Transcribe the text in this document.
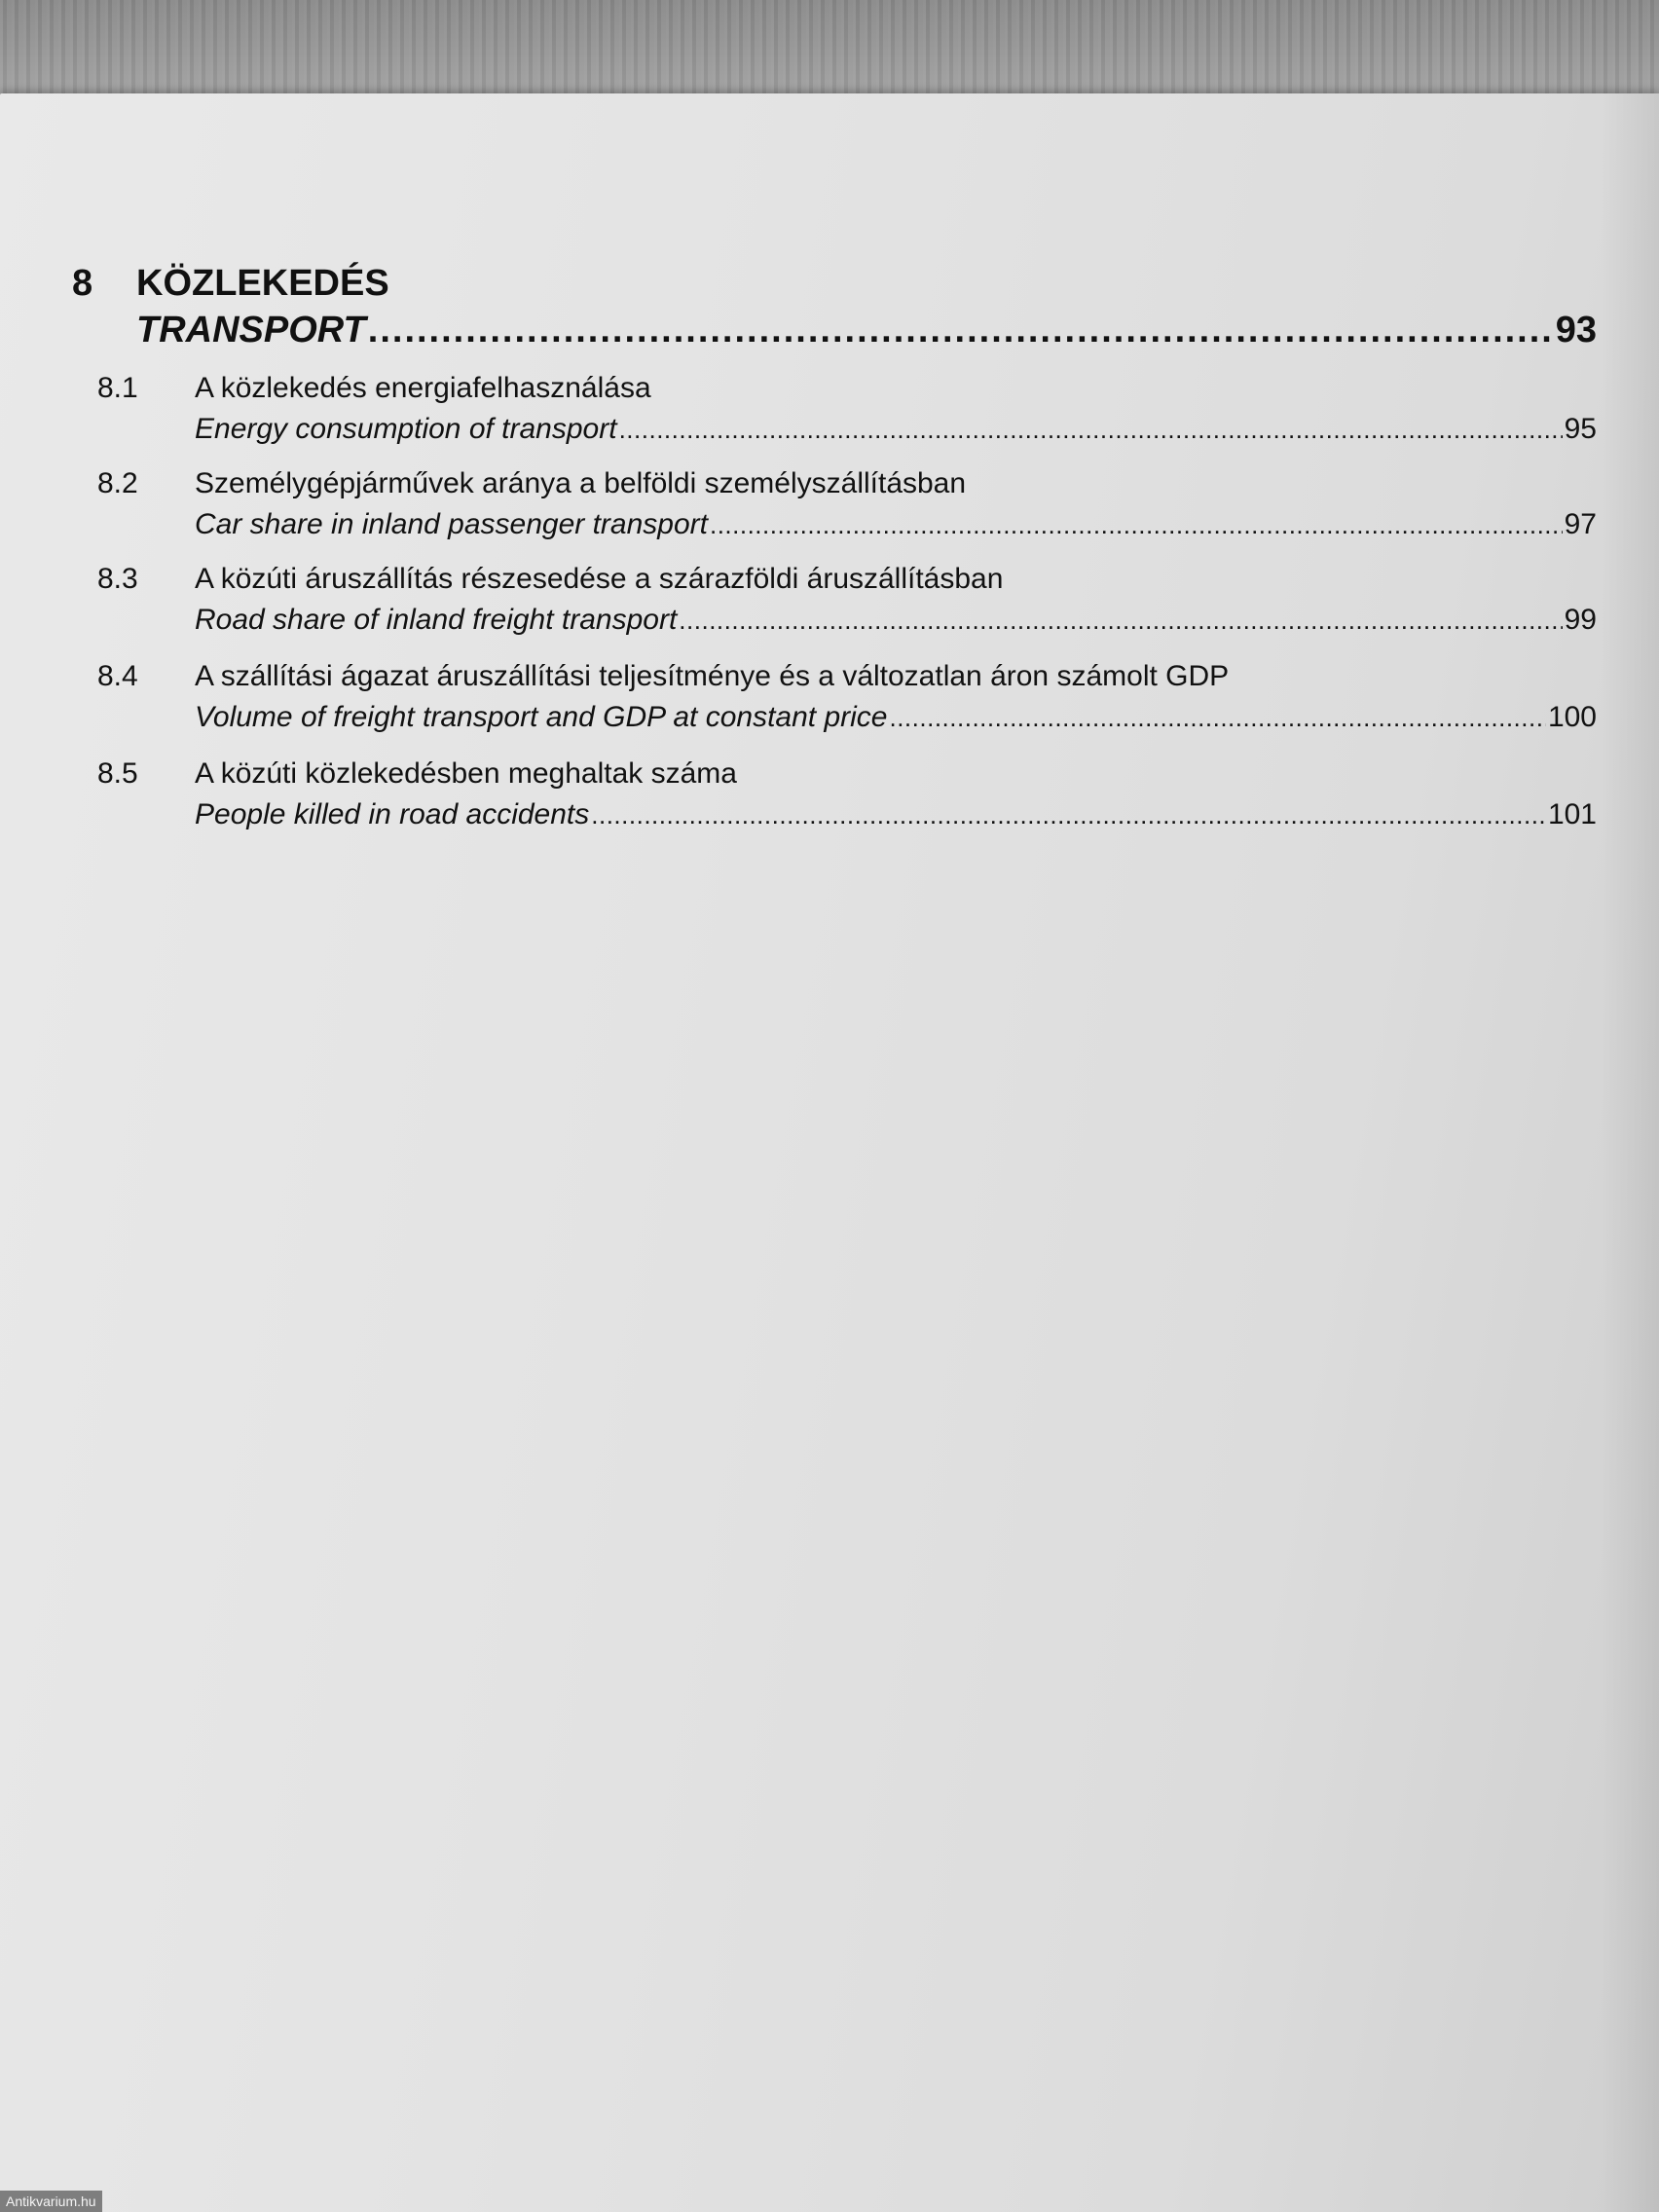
8 KÖZLEKEDÉS
TRANSPORT .....	93
8.1 A közlekedés energiafelhasználása
Energy consumption of transport .....	95
8.2 Személygépjárművek aránya a belföldi személyszállításban
Car share in inland passenger transport .....	97
8.3 A közúti áruszállítás részesedése a szárazföldi áruszállításban
Road share of inland freight transport .....	99
8.4 A szállítási ágazat áruszállítási teljesítménye és a változatlan áron számolt GDP
Volume of freight transport and GDP at constant price .....	100
8.5 A közúti közlekedésben meghaltak száma
People killed in road accidents .....	101
Antikvarium.hu
